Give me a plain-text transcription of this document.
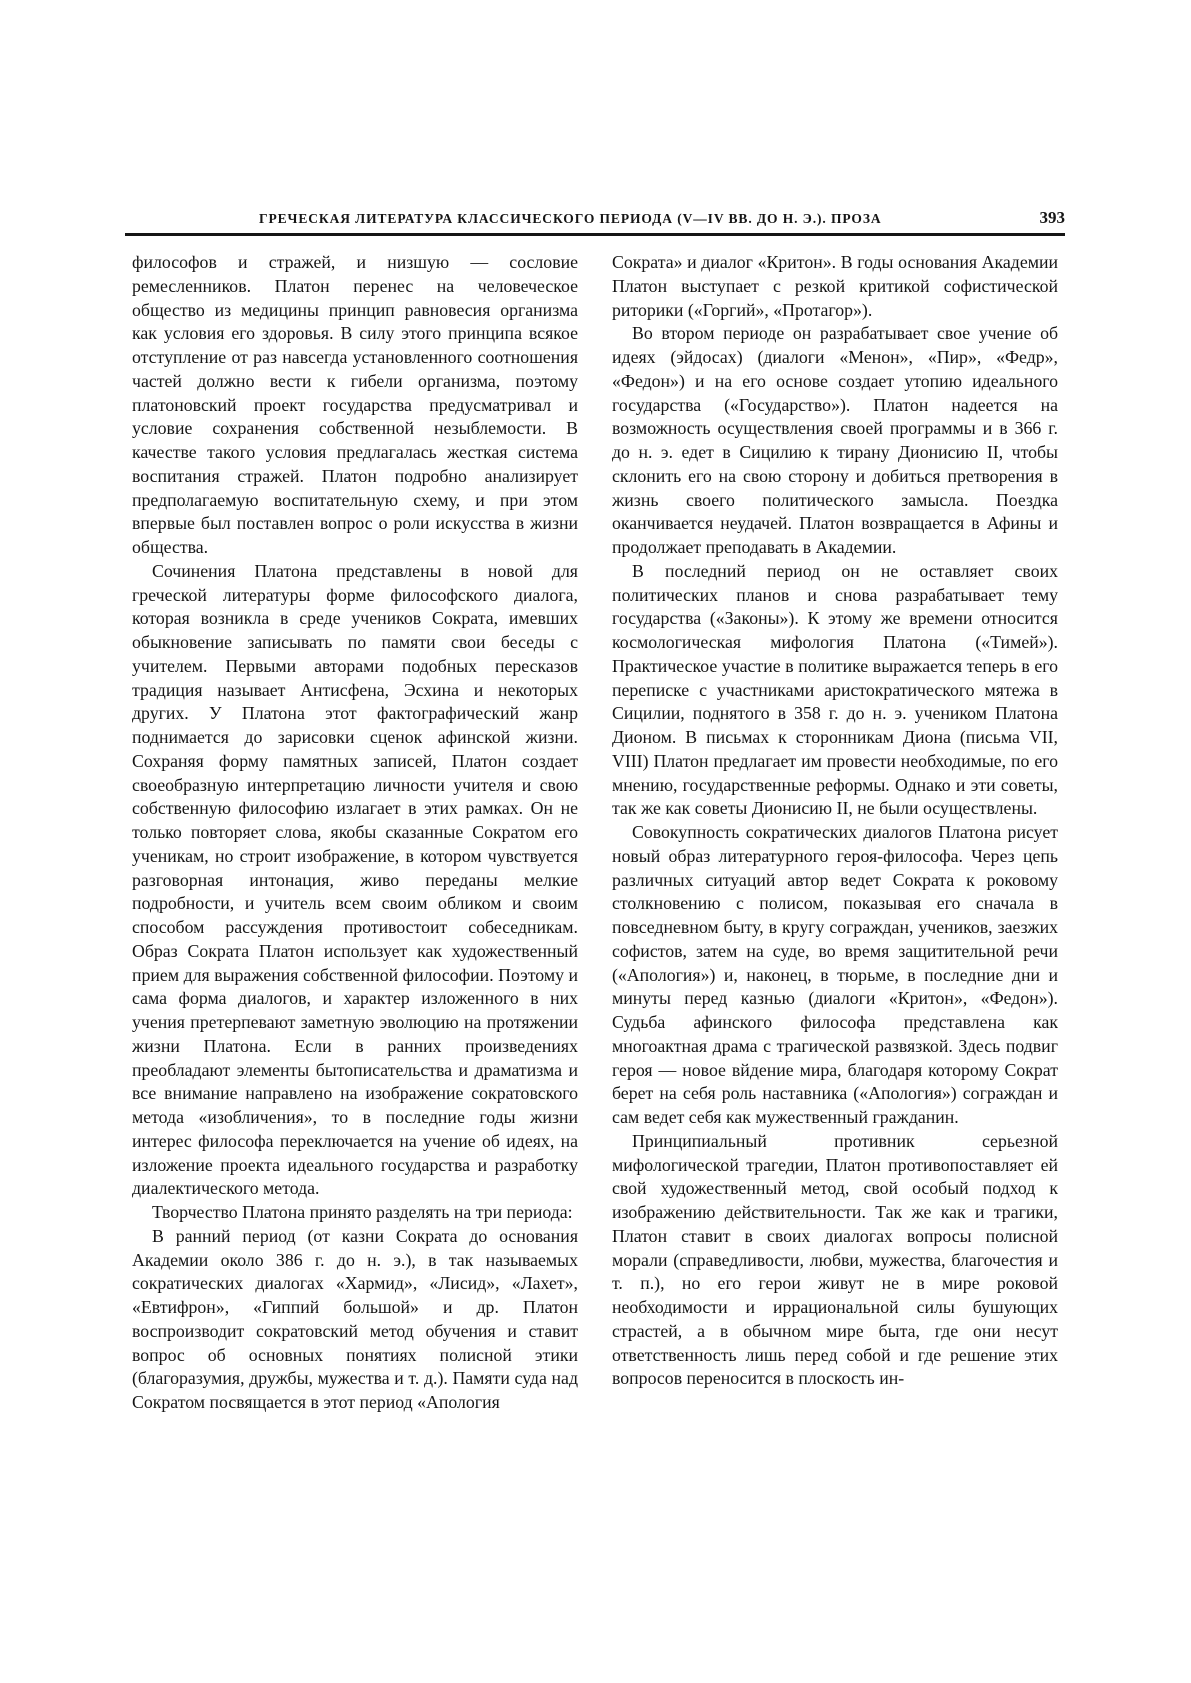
ГРЕЧЕСКАЯ ЛИТЕРАТУРА КЛАССИЧЕСКОГО ПЕРИОДА (V—IV ВВ. ДО Н. Э.). ПРОЗА	393

философов и стражей, и низшую — сословие ремесленников. Платон перенес на человеческое общество из медицины принцип равновесия организма как условия его здоровья. В силу этого принципа всякое отступление от раз навсегда установленного соотношения частей должно вести к гибели организма, поэтому платоновский проект государства предусматривал и условие сохранения собственной незыблемости. В качестве такого условия предлагалась жесткая система воспитания стражей. Платон подробно анализирует предполагаемую воспитательную схему, и при этом впервые был поставлен вопрос о роли искусства в жизни общества.

Сочинения Платона представлены в новой для греческой литературы форме философского диалога, которая возникла в среде учеников Сократа, имевших обыкновение записывать по памяти свои беседы с учителем. Первыми авторами подобных пересказов традиция называет Антисфена, Эсхина и некоторых других. У Платона этот фактографический жанр поднимается до зарисовки сценок афинской жизни. Сохраняя форму памятных записей, Платон создает своеобразную интерпретацию личности учителя и свою собственную философию излагает в этих рамках. Он не только повторяет слова, якобы сказанные Сократом его ученикам, но строит изображение, в котором чувствуется разговорная интонация, живо переданы мелкие подробности, и учитель всем своим обликом и своим способом рассуждения противостоит собеседникам. Образ Сократа Платон использует как художественный прием для выражения собственной философии. Поэтому и сама форма диалогов, и характер изложенного в них учения претерпевают заметную эволюцию на протяжении жизни Платона. Если в ранних произведениях преобладают элементы бытописательства и драматизма и все внимание направлено на изображение сократовского метода «изобличения», то в последние годы жизни интерес философа переключается на учение об идеях, на изложение проекта идеального государства и разработку диалектического метода.

Творчество Платона принято разделять на три периода:

В ранний период (от казни Сократа до основания Академии около 386 г. до н. э.), в так называемых сократических диалогах «Хармид», «Лисид», «Лахет», «Евтифрон», «Гиппий большой» и др. Платон воспроизводит сократовский метод обучения и ставит вопрос об основных понятиях полисной этики (благоразумия, дружбы, мужества и т. д.). Памяти суда над Сократом посвящается в этот период «Апология

Сократа» и диалог «Критон». В годы основания Академии Платон выступает с резкой критикой софистической риторики («Горгий», «Протагор»).

Во втором периоде он разрабатывает свое учение об идеях (эйдосах) (диалоги «Менон», «Пир», «Федр», «Федон») и на его основе создает утопию идеального государства («Государство»). Платон надеется на возможность осуществления своей программы и в 366 г. до н. э. едет в Сицилию к тирану Дионисию II, чтобы склонить его на свою сторону и добиться претворения в жизнь своего политического замысла. Поездка оканчивается неудачей. Платон возвращается в Афины и продолжает преподавать в Академии.

В последний период он не оставляет своих политических планов и снова разрабатывает тему государства («Законы»). К этому же времени относится космологическая мифология Платона («Тимей»). Практическое участие в политике выражается теперь в его переписке с участниками аристократического мятежа в Сицилии, поднятого в 358 г. до н. э. учеником Платона Дионом. В письмах к сторонникам Диона (письма VII, VIII) Платон предлагает им провести необходимые, по его мнению, государственные реформы. Однако и эти советы, так же как советы Дионисию II, не были осуществлены.

Совокупность сократических диалогов Платона рисует новый образ литературного героя-философа. Через цепь различных ситуаций автор ведет Сократа к роковому столкновению с полисом, показывая его сначала в повседневном быту, в кругу сограждан, учеников, заезжих софистов, затем на суде, во время защитительной речи («Апология») и, наконец, в тюрьме, в последние дни и минуты перед казнью (диалоги «Критон», «Федон»). Судьба афинского философа представлена как многоактная драма с трагической развязкой. Здесь подвиг героя — новое вйдение мира, благодаря которому Сократ берет на себя роль наставника («Апология») сограждан и сам ведет себя как мужественный гражданин.

Принципиальный противник серьезной мифологической трагедии, Платон противопоставляет ей свой художественный метод, свой особый подход к изображению действительности. Так же как и трагики, Платон ставит в своих диалогах вопросы полисной морали (справедливости, любви, мужества, благочестия и т. п.), но его герои живут не в мире роковой необходимости и иррациональной силы бушующих страстей, а в обычном мире быта, где они несут ответственность лишь перед собой и где решение этих вопросов переносится в плоскость ин-
